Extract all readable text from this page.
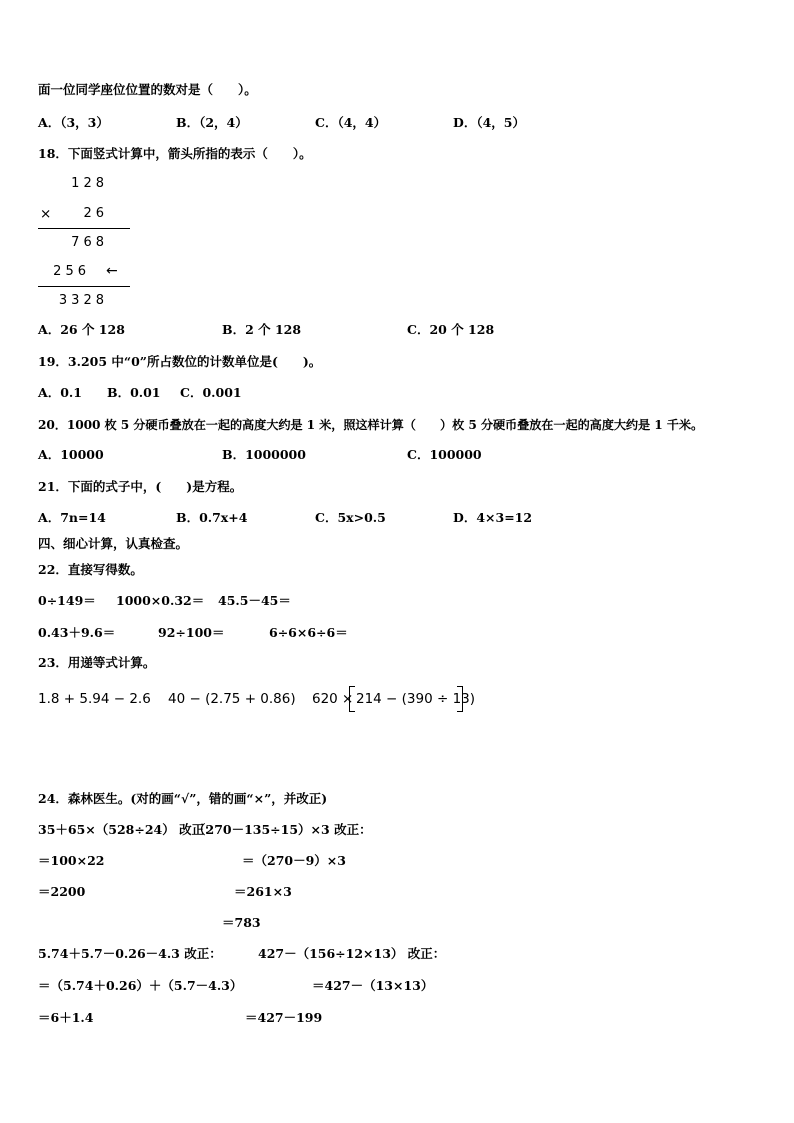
面一位同学座位位置的数对是（　　）。
A．（3，3）	B．（2，4）	C．（4，4）	D．（4，5）
18．下面竖式计算中，箭头所指的表示（　　）。
128
×	26
768
256 ←
3328
A．26 个 128	B．2 个 128	C．20 个 128
19．3.205 中“0”所占数位的计数单位是(　　)。
A．0.1 B．0.01 C．0.001
20．1000 枚 5 分硬币叠放在一起的高度大约是 1 米，照这样计算（　　）枚 5 分硬币叠放在一起的高度大约是 1 千米。
A．10000	B．1000000	C．100000
21．下面的式子中，(　　)是方程。
A．7n=14	B．0.7x+4	C．5x>0.5	D．4×3=12
四、细心计算，认真检查。
22．直接写得数。
0÷149＝ 1000×0.32＝ 45.5－45＝
0.43＋9.6＝	92÷100＝	6÷6×6÷6＝
23．用递等式计算。
1.8 + 5.94 − 2.6 40 − (2.75 + 0.86) 620 × 214 − (390 ÷ 13)
24．森林医生。(对的画“√”，错的画“×”，并改正)
35＋65×（528÷24） 改正：
＝100×22
＝2200
（270－135÷15）×3 改正：
＝（270－9）×3
＝261×3
＝783
5.74＋5.7－0.26－4.3 改正：
＝（5.74＋0.26）＋（5.7－4.3）
＝6＋1.4
427－（156÷12×13） 改正：
＝427－（13×13）
＝427－199
